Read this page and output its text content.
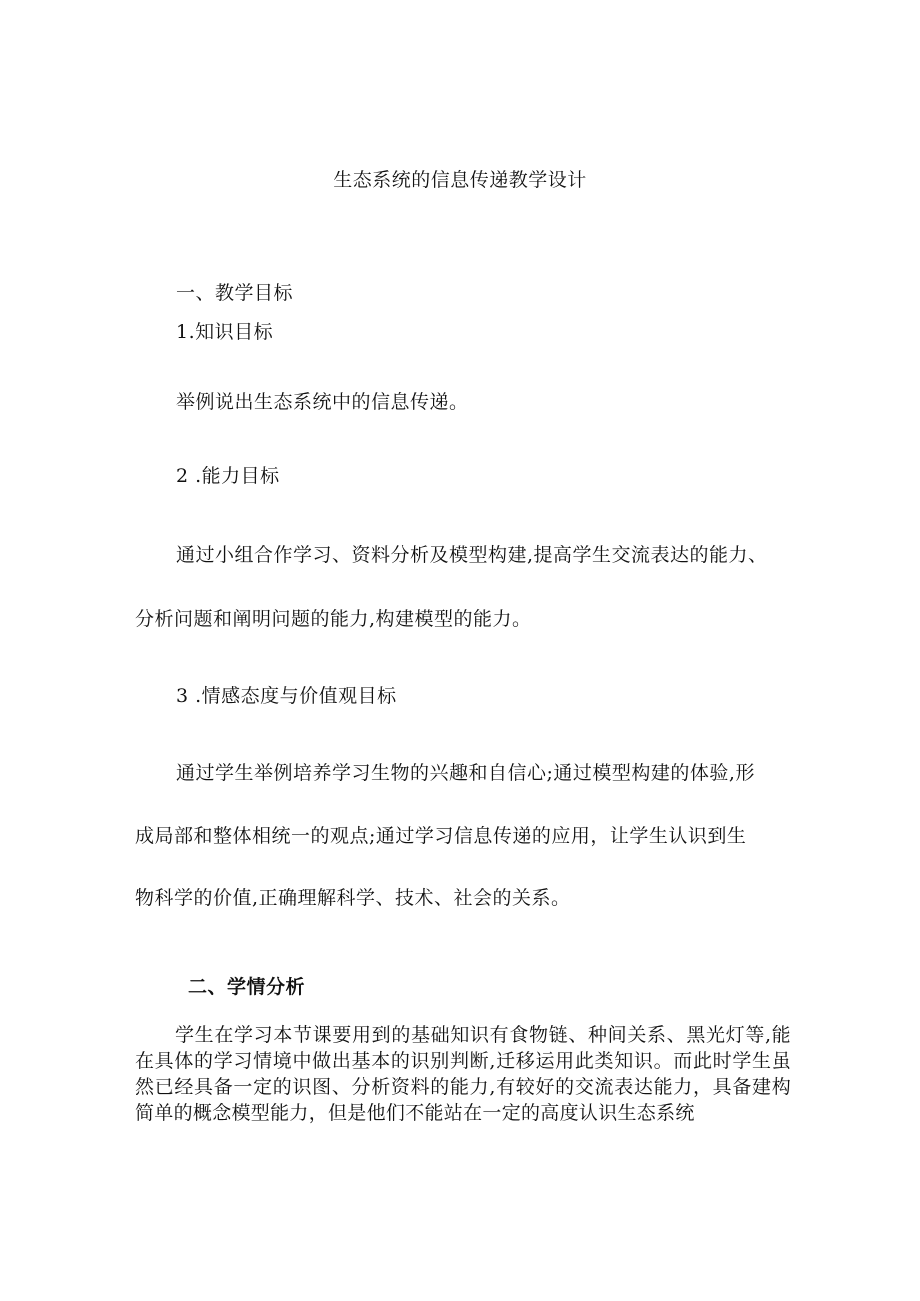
生态系统的信息传递教学设计
一、教学目标
1.知识目标
举例说出生态系统中的信息传递。
2 .能力目标
通过小组合作学习、资料分析及模型构建,提高学生交流表达的能力、
分析问题和阐明问题的能力,构建模型的能力。
3 .情感态度与价值观目标
通过学生举例培养学习生物的兴趣和自信心;通过模型构建的体验,形
成局部和整体相统一的观点;通过学习信息传递的应用，让学生认识到生
物科学的价值,正确理解科学、技术、社会的关系。
二、学情分析
学生在学习本节课要用到的基础知识有食物链、种间关系、黑光灯等,能在具体的学习情境中做出基本的识别判断,迁移运用此类知识。而此时学生虽然已经具备一定的识图、分析资料的能力,有较好的交流表达能力，具备建构简单的概念模型能力，但是他们不能站在一定的高度认识生态系统
